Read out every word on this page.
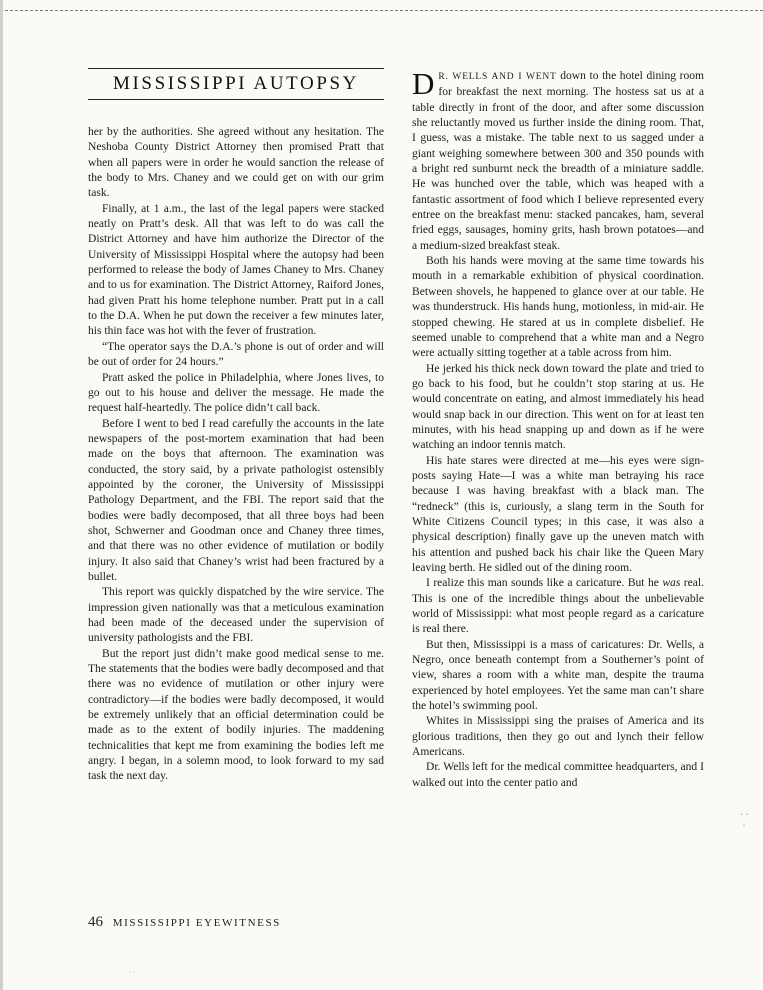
MISSISSIPPI AUTOPSY

her by the authorities. She agreed without any hesitation. The Neshoba County District Attorney then promised Pratt that when all papers were in order he would sanction the release of the body to Mrs. Chaney and we could get on with our grim task.

Finally, at 1 a.m., the last of the legal papers were stacked neatly on Pratt’s desk. All that was left to do was call the District Attorney and have him authorize the Director of the University of Mississippi Hospital where the autopsy had been performed to release the body of James Chaney to Mrs. Chaney and to us for examination. The District Attorney, Raiford Jones, had given Pratt his home telephone number. Pratt put in a call to the D.A. When he put down the receiver a few minutes later, his thin face was hot with the fever of frustration.

“The operator says the D.A.’s phone is out of order and will be out of order for 24 hours.”

Pratt asked the police in Philadelphia, where Jones lives, to go out to his house and deliver the message. He made the request half-heartedly. The police didn’t call back.

Before I went to bed I read carefully the accounts in the late newspapers of the post-mortem examination that had been made on the boys that afternoon. The examination was conducted, the story said, by a private pathologist ostensibly appointed by the coroner, the University of Mississippi Pathology Department, and the FBI. The report said that the bodies were badly decomposed, that all three boys had been shot, Schwerner and Goodman once and Chaney three times, and that there was no other evidence of mutilation or bodily injury. It also said that Chaney’s wrist had been fractured by a bullet.

This report was quickly dispatched by the wire service. The impression given nationally was that a meticulous examination had been made of the deceased under the supervision of university pathologists and the FBI.

But the report just didn’t make good medical sense to me. The statements that the bodies were badly decomposed and that there was no evidence of mutilation or other injury were contradictory—if the bodies were badly decomposed, it would be extremely unlikely that an official determination could be made as to the extent of bodily injuries. The maddening technicalities that kept me from examining the bodies left me angry. I began, in a solemn mood, to look forward to my sad task the next day.

DR. WELLS AND I WENT down to the hotel dining room for breakfast the next morning. The hostess sat us at a table directly in front of the door, and after some discussion she reluctantly moved us further inside the dining room. That, I guess, was a mistake. The table next to us sagged under a giant weighing somewhere between 300 and 350 pounds with a bright red sunburnt neck the breadth of a miniature saddle. He was hunched over the table, which was heaped with a fantastic assortment of food which I believe represented every entree on the breakfast menu: stacked pancakes, ham, several fried eggs, sausages, hominy grits, hash brown potatoes—and a medium-sized breakfast steak.

Both his hands were moving at the same time towards his mouth in a remarkable exhibition of physical coordination. Between shovels, he happened to glance over at our table. He was thunderstruck. His hands hung, motionless, in mid-air. He stopped chewing. He stared at us in complete disbelief. He seemed unable to comprehend that a white man and a Negro were actually sitting together at a table across from him.

He jerked his thick neck down toward the plate and tried to go back to his food, but he couldn’t stop staring at us. He would concentrate on eating, and almost immediately his head would snap back in our direction. This went on for at least ten minutes, with his head snapping up and down as if he were watching an indoor tennis match.

His hate stares were directed at me—his eyes were sign-posts saying Hate—I was a white man betraying his race because I was having breakfast with a black man. The “redneck” (this is, curiously, a slang term in the South for White Citizens Council types; in this case, it was also a physical description) finally gave up the uneven match with his attention and pushed back his chair like the Queen Mary leaving berth. He sidled out of the dining room.

I realize this man sounds like a caricature. But he was real. This is one of the incredible things about the unbelievable world of Mississippi: what most people regard as a caricature is real there.

But then, Mississippi is a mass of caricatures: Dr. Wells, a Negro, once beneath contempt from a Southerner’s point of view, shares a room with a white man, despite the trauma experienced by hotel employees. Yet the same man can’t share the hotel’s swimming pool.

Whites in Mississippi sing the praises of America and its glorious traditions, then they go out and lynch their fellow Americans.

Dr. Wells left for the medical committee headquarters, and I walked out into the center patio and

46 MISSISSIPPI EYEWITNESS
· ·
·
· ·
